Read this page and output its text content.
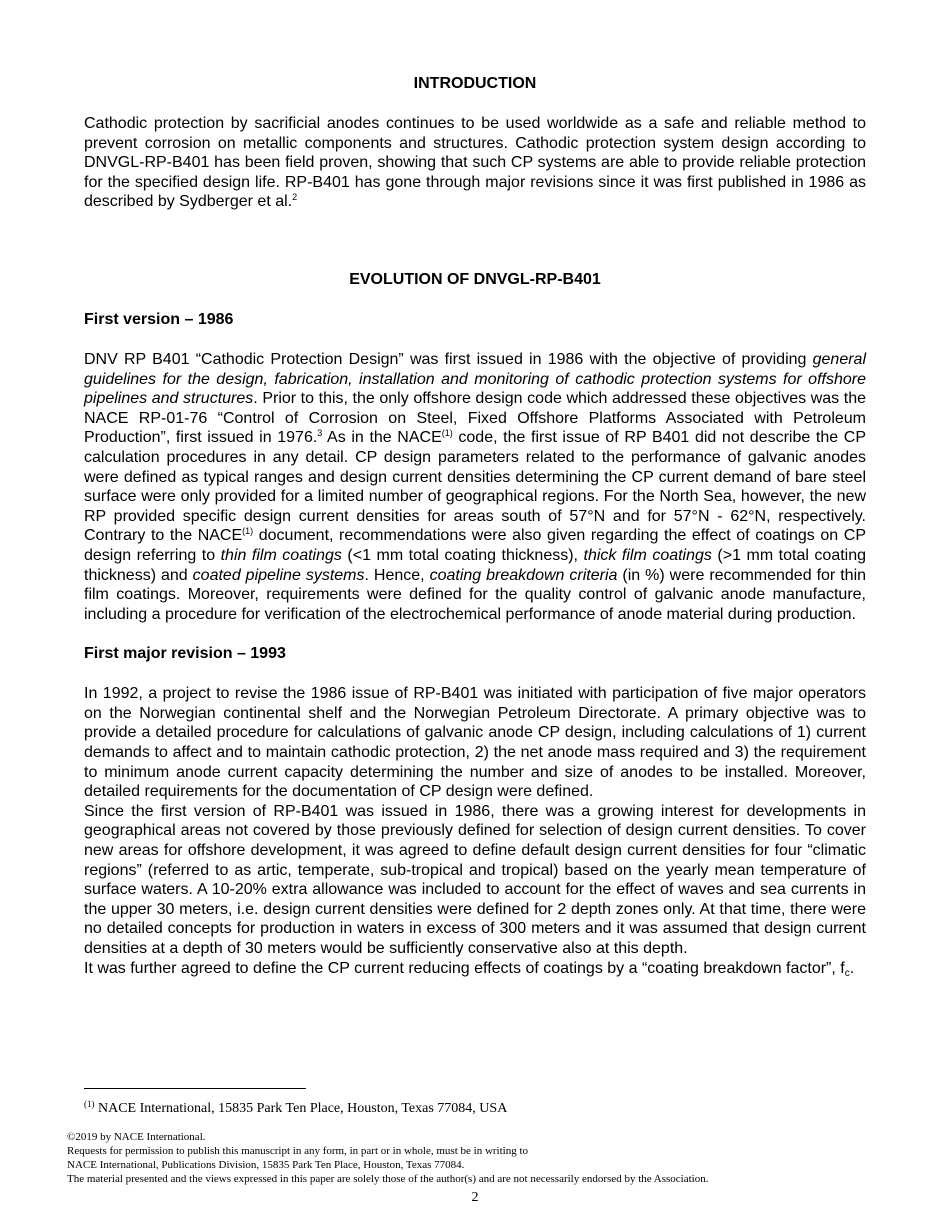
INTRODUCTION

Cathodic protection by sacrificial anodes continues to be used worldwide as a safe and reliable method to prevent corrosion on metallic components and structures. Cathodic protection system design according to DNVGL-RP-B401 has been field proven, showing that such CP systems are able to provide reliable protection for the specified design life. RP-B401 has gone through major revisions since it was first published in 1986 as described by Sydberger et al.$^2$

EVOLUTION OF DNVGL-RP-B401
First version – 1986

DNV RP B401 “Cathodic Protection Design” was first issued in 1986 with the objective of providing general guidelines for the design, fabrication, installation and monitoring of cathodic protection systems for offshore pipelines and structures. Prior to this, the only offshore design code which addressed these objectives was the NACE RP-01-76 “Control of Corrosion on Steel, Fixed Offshore Platforms Associated with Petroleum Production”, first issued in 1976.$^3$ As in the NACE$^{(1)}$ code, the first issue of RP B401 did not describe the CP calculation procedures in any detail. CP design parameters related to the performance of galvanic anodes were defined as typical ranges and design current densities determining the CP current demand of bare steel surface were only provided for a limited number of geographical regions. For the North Sea, however, the new RP provided specific design current densities for areas south of 57°N and for 57°N - 62°N, respectively. Contrary to the NACE$^{(1)}$ document, recommendations were also given regarding the effect of coatings on CP design referring to thin film coatings (<1 mm total coating thickness), thick film coatings (>1 mm total coating thickness) and coated pipeline systems. Hence, coating breakdown criteria (in %) were recommended for thin film coatings. Moreover, requirements were defined for the quality control of galvanic anode manufacture, including a procedure for verification of the electrochemical performance of anode material during production.

First major revision – 1993

In 1992, a project to revise the 1986 issue of RP-B401 was initiated with participation of five major operators on the Norwegian continental shelf and the Norwegian Petroleum Directorate. A primary objective was to provide a detailed procedure for calculations of galvanic anode CP design, including calculations of 1) current demands to affect and to maintain cathodic protection, 2) the net anode mass required and 3) the requirement to minimum anode current capacity determining the number and size of anodes to be installed. Moreover, detailed requirements for the documentation of CP design were defined.

Since the first version of RP-B401 was issued in 1986, there was a growing interest for developments in geographical areas not covered by those previously defined for selection of design current densities. To cover new areas for offshore development, it was agreed to define default design current densities for four “climatic regions” (referred to as artic, temperate, sub-tropical and tropical) based on the yearly mean temperature of surface waters. A 10-20% extra allowance was included to account for the effect of waves and sea currents in the upper 30 meters, i.e. design current densities were defined for 2 depth zones only. At that time, there were no detailed concepts for production in waters in excess of 300 meters and it was assumed that design current densities at a depth of 30 meters would be sufficiently conservative also at this depth.

It was further agreed to define the CP current reducing effects of coatings by a “coating breakdown factor”, $f_c$.

$^{(1)}$ NACE International, 15835 Park Ten Place, Houston, Texas 77084, USA
©2019 by NACE International.
Requests for permission to publish this manuscript in any form, in part or in whole, must be in writing to
NACE International, Publications Division, 15835 Park Ten Place, Houston, Texas 77084.
The material presented and the views expressed in this paper are solely those of the author(s) and are not necessarily endorsed by the Association.
2
